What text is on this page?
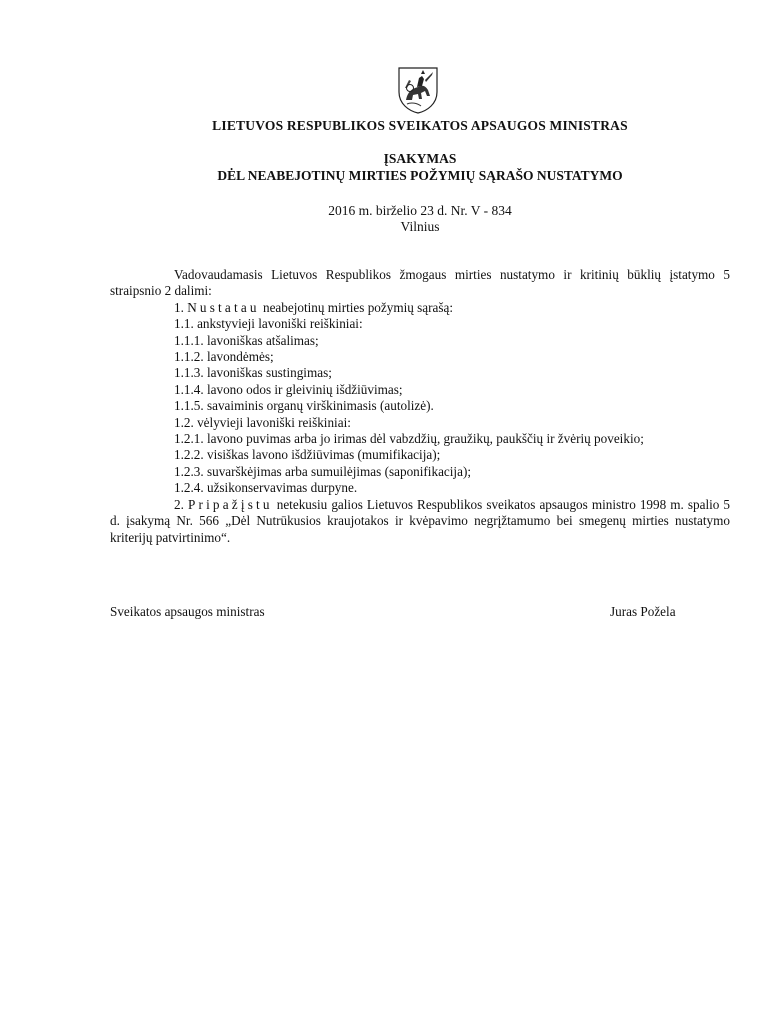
LIETUVOS RESPUBLIKOS SVEIKATOS APSAUGOS MINISTRAS
ĮSAKYMAS
DĖL NEABEJOTINŲ MIRTIES POŽYMIŲ SĄRAŠO NUSTATYMO
2016 m. birželio 23 d. Nr. V - 834
Vilnius

Vadovaudamasis Lietuvos Respublikos žmogaus mirties nustatymo ir kritinių būklių įstatymo 5 straipsnio 2 dalimi:

1. Nustatau neabejotinų mirties požymių sąrašą:

1.1. ankstyvieji lavoniški reiškiniai:

1.1.1. lavoniškas atšalimas;

1.1.2. lavondėmės;

1.1.3. lavoniškas sustingimas;

1.1.4. lavono odos ir gleivinių išdžiūvimas;

1.1.5. savaiminis organų virškinimasis (autolizė).

1.2. vėlyvieji lavoniški reiškiniai:

1.2.1. lavono puvimas arba jo irimas dėl vabzdžių, graužikų, paukščių ir žvėrių poveikio;

1.2.2. visiškas lavono išdžiūvimas (mumifikacija);

1.2.3. suvarškėjimas arba sumuilėjimas (saponifikacija);

1.2.4. užsikonservavimas durpyne.

2. Pripažįstu netekusiu galios Lietuvos Respublikos sveikatos apsaugos ministro 1998 m. spalio 5 d. įsakymą Nr. 566 „Dėl Nutrūkusios kraujotakos ir kvėpavimo negrįžtamumo bei smegenų mirties nustatymo kriterijų patvirtinimo“.

Sveikatos apsaugos ministras	Juras Požela
